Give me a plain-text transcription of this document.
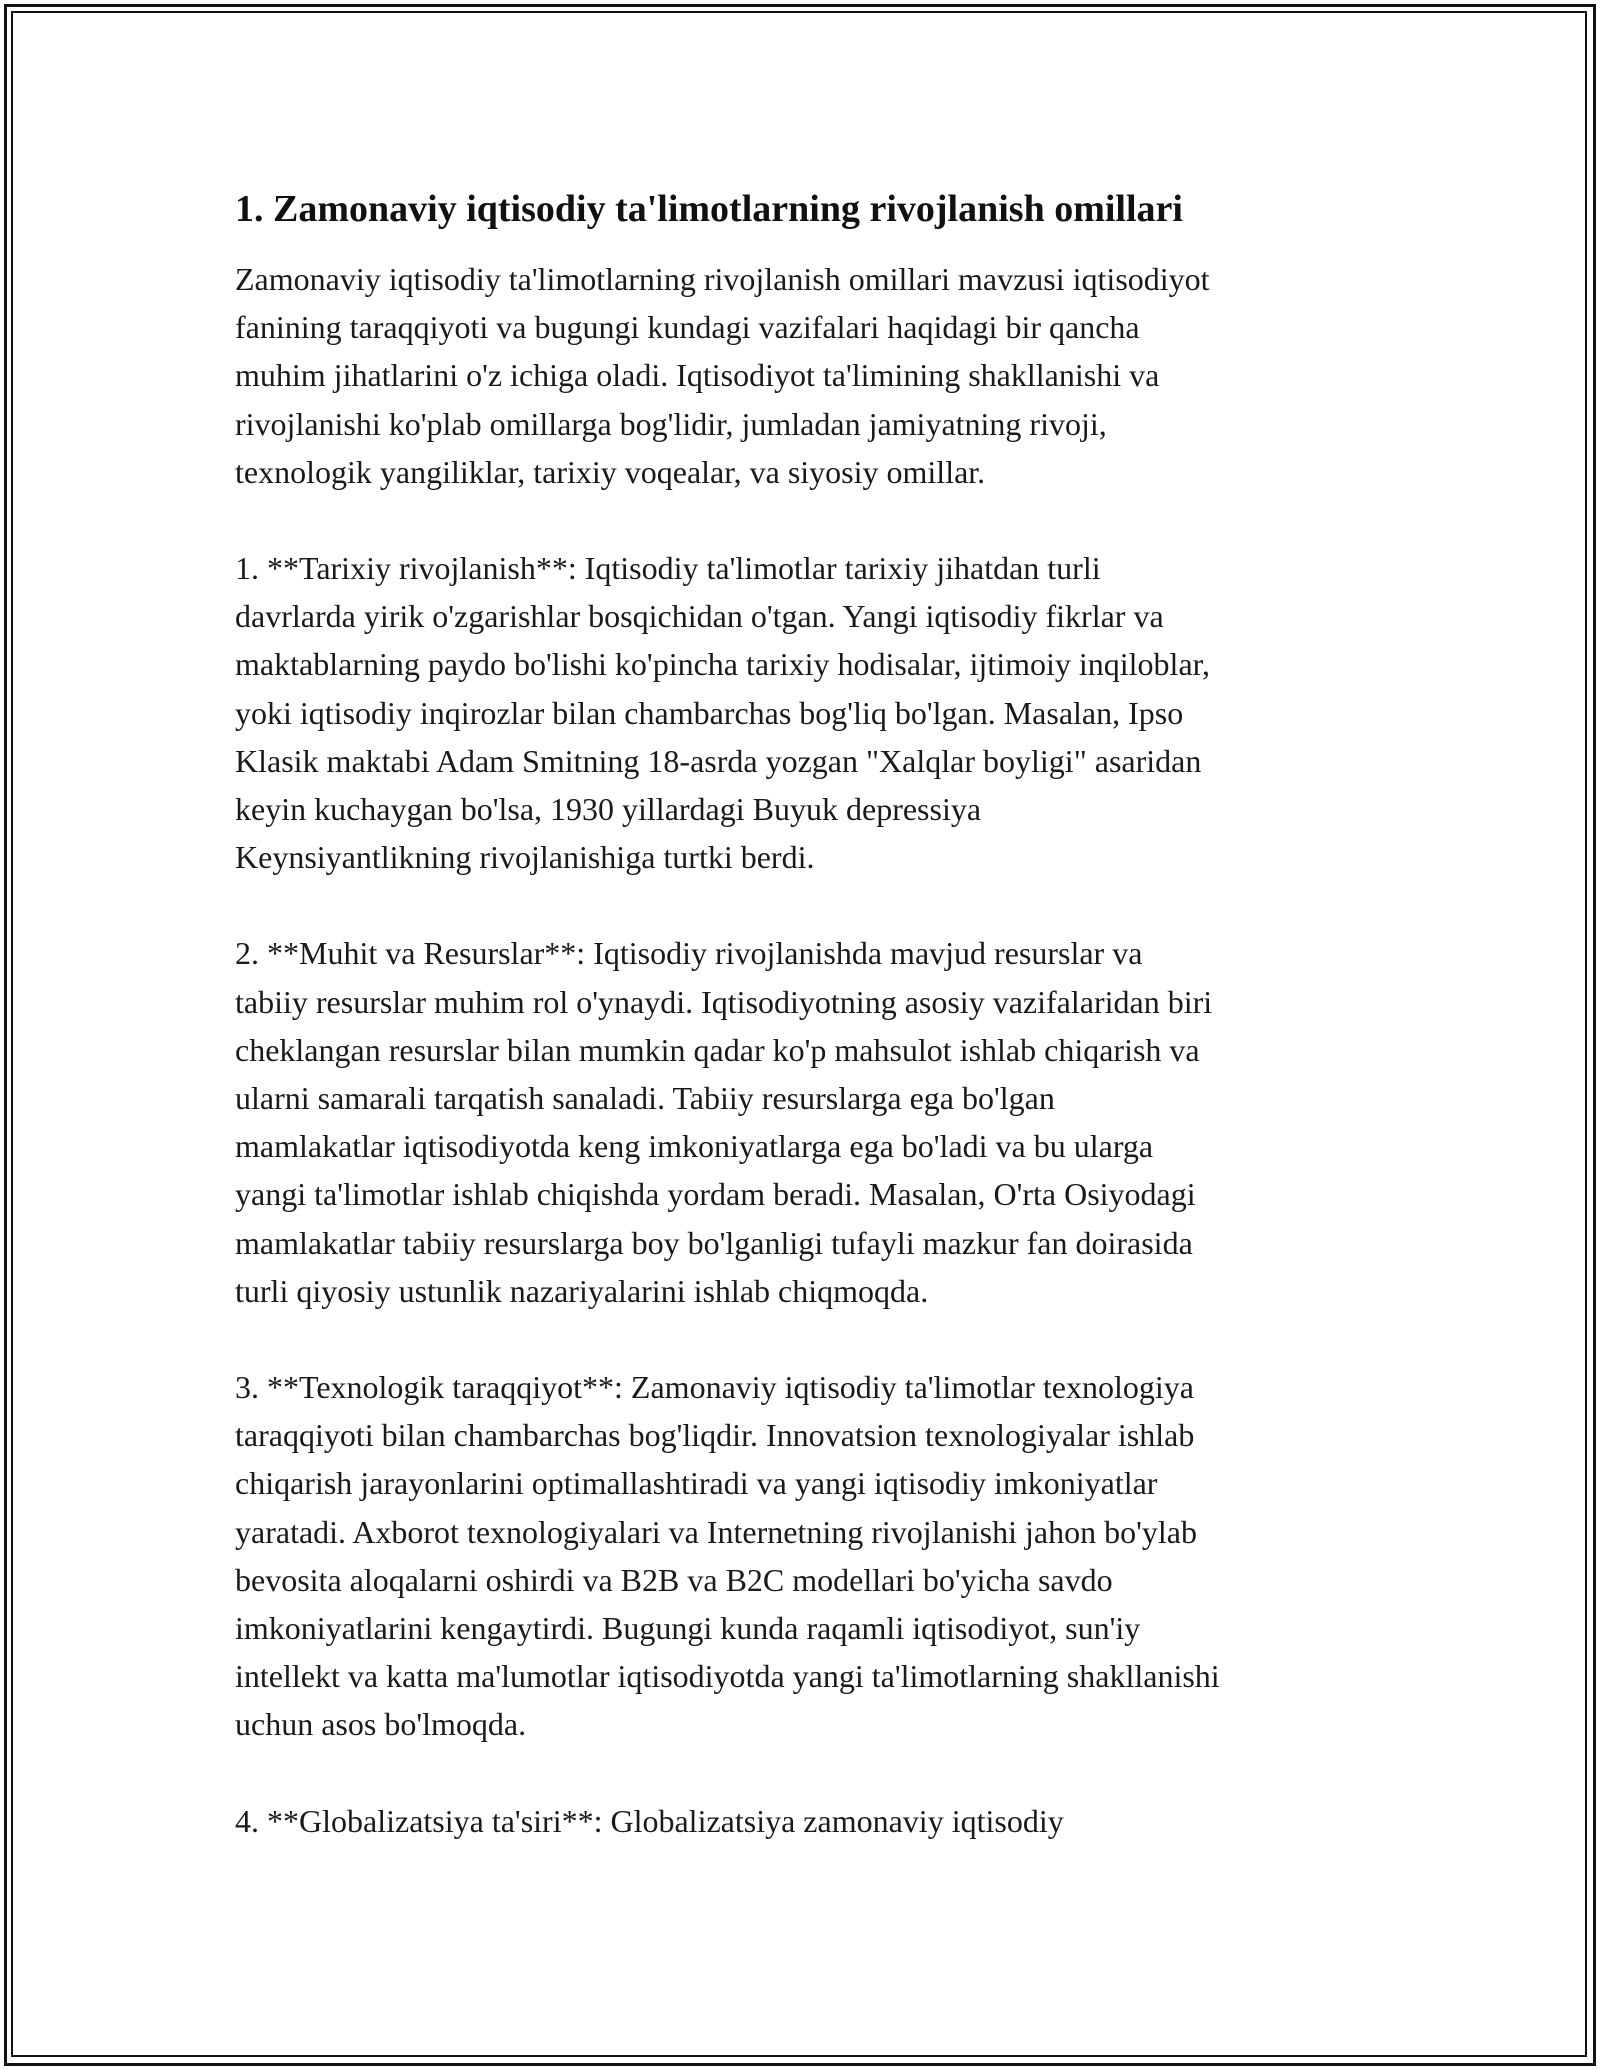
1. Zamonaviy iqtisodiy ta'limotlarning rivojlanish omillari
Zamonaviy iqtisodiy ta'limotlarning rivojlanish omillari mavzusi iqtisodiyot
fanining taraqqiyoti va bugungi kundagi vazifalari haqidagi bir qancha
muhim jihatlarini o'z ichiga oladi. Iqtisodiyot ta'limining shakllanishi va
rivojlanishi ko'plab omillarga bog'lidir, jumladan jamiyatning rivoji,
texnologik yangiliklar, tarixiy voqealar, va siyosiy omillar.
1. **Tarixiy rivojlanish**: Iqtisodiy ta'limotlar tarixiy jihatdan turli
davrlarda yirik o'zgarishlar bosqichidan o'tgan. Yangi iqtisodiy fikrlar va
maktablarning paydo bo'lishi ko'pincha tarixiy hodisalar, ijtimoiy inqiloblar,
yoki iqtisodiy inqirozlar bilan chambarchas bog'liq bo'lgan. Masalan, Ipso
Klasik maktabi Adam Smitning 18-asrda yozgan "Xalqlar boyligi" asaridan
keyin kuchaygan bo'lsa, 1930 yillardagi Buyuk depressiya
Keynsiyantlikning rivojlanishiga turtki berdi.
2. **Muhit va Resurslar**: Iqtisodiy rivojlanishda mavjud resurslar va
tabiiy resurslar muhim rol o'ynaydi. Iqtisodiyotning asosiy vazifalaridan biri
cheklangan resurslar bilan mumkin qadar ko'p mahsulot ishlab chiqarish va
ularni samarali tarqatish sanaladi. Tabiiy resurslarga ega bo'lgan
mamlakatlar iqtisodiyotda keng imkoniyatlarga ega bo'ladi va bu ularga
yangi ta'limotlar ishlab chiqishda yordam beradi. Masalan, O'rta Osiyodagi
mamlakatlar tabiiy resurslarga boy bo'lganligi tufayli mazkur fan doirasida
turli qiyosiy ustunlik nazariyalarini ishlab chiqmoqda.
3. **Texnologik taraqqiyot**: Zamonaviy iqtisodiy ta'limotlar texnologiya
taraqqiyoti bilan chambarchas bog'liqdir. Innovatsion texnologiyalar ishlab
chiqarish jarayonlarini optimallashtiradi va yangi iqtisodiy imkoniyatlar
yaratadi. Axborot texnologiyalari va Internetning rivojlanishi jahon bo'ylab
bevosita aloqalarni oshirdi va B2B va B2C modellari bo'yicha savdo
imkoniyatlarini kengaytirdi. Bugungi kunda raqamli iqtisodiyot, sun'iy
intellekt va katta ma'lumotlar iqtisodiyotda yangi ta'limotlarning shakllanishi
uchun asos bo'lmoqda.
4. **Globalizatsiya ta'siri**: Globalizatsiya zamonaviy iqtisodiy
